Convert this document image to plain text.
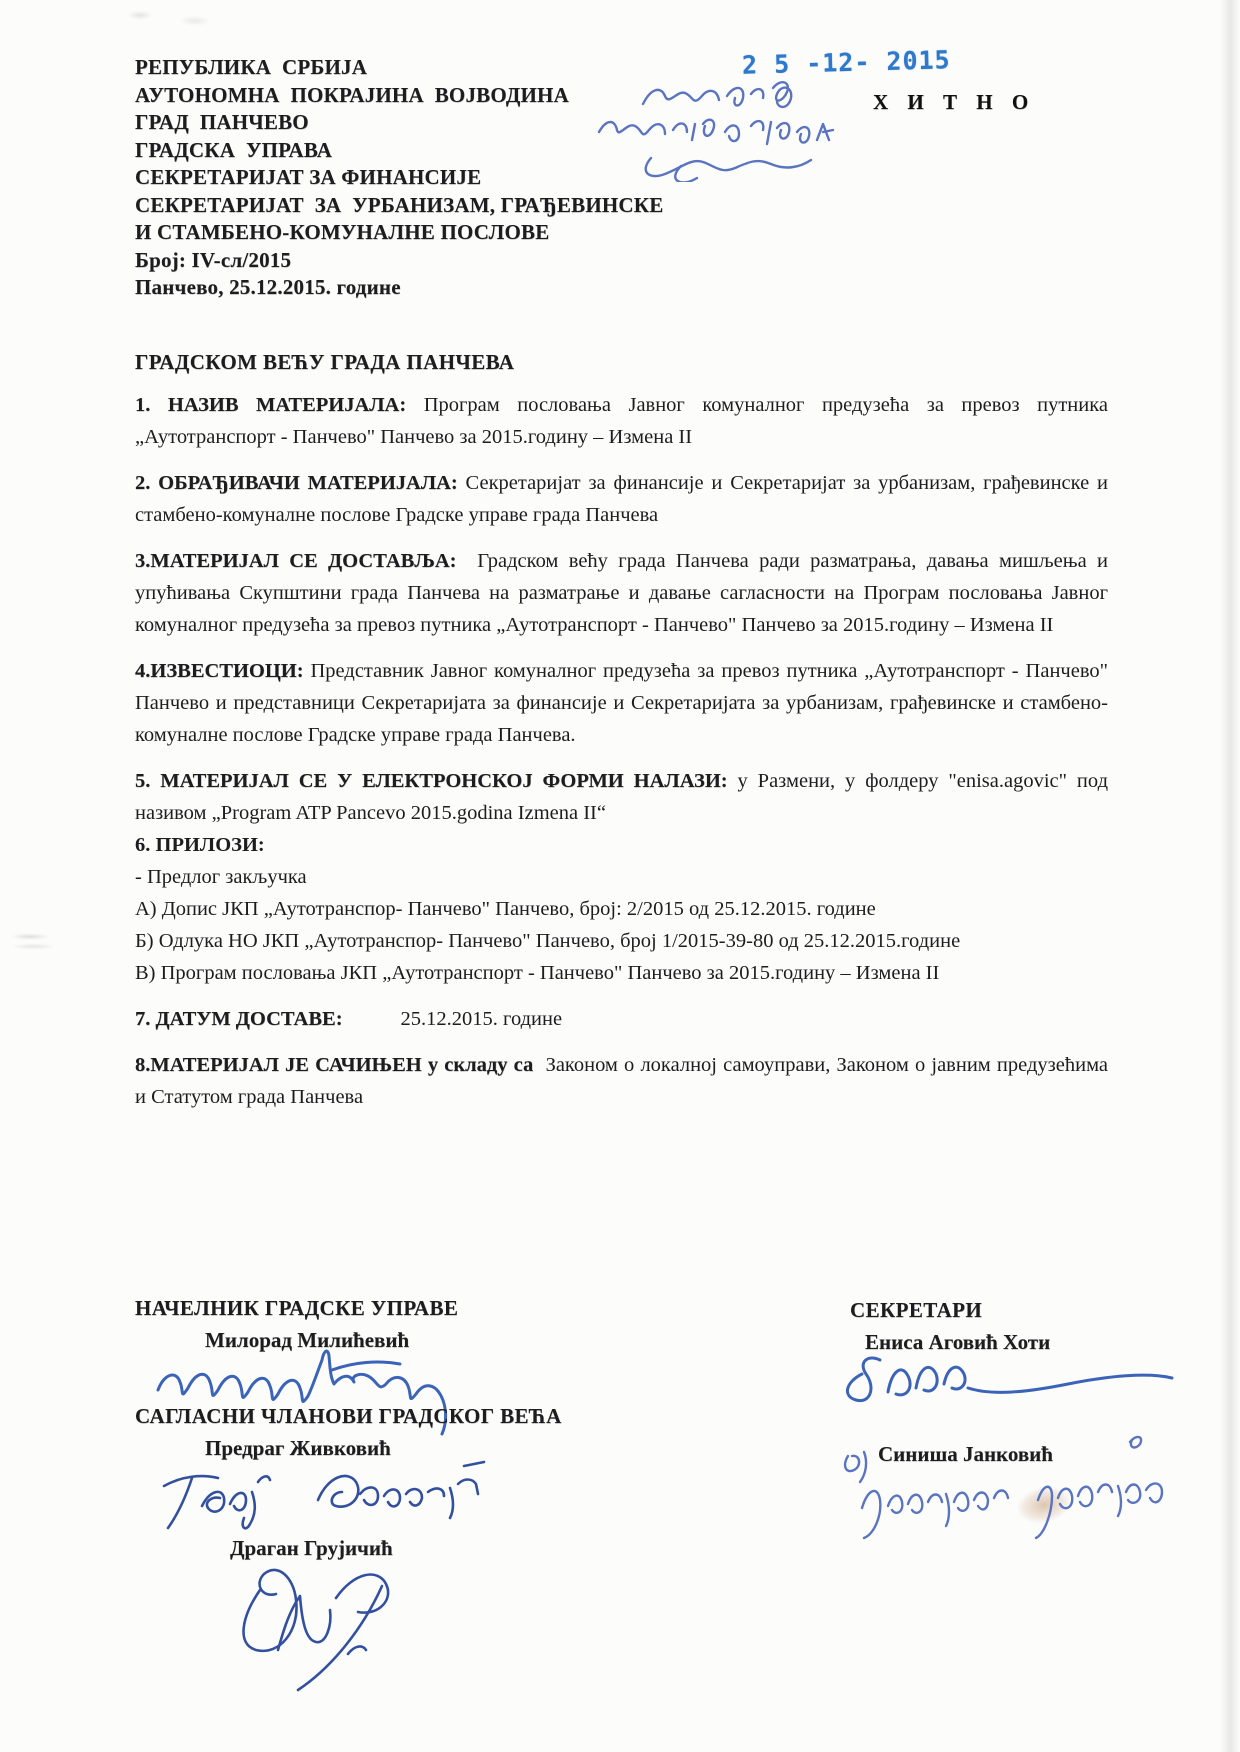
2 5 -12- 2015
Х И Т Н О
РЕПУБЛИКА  СРБИЈА
АУТОНОМНА  ПОКРАЈИНА  ВОЈВОДИНА
ГРАД  ПАНЧЕВО
ГРАДСКА  УПРАВА
СЕКРЕТАРИЈАТ ЗА ФИНАНСИЈЕ
СЕКРЕТАРИЈАТ  ЗА  УРБАНИЗАМ, ГРАЂЕВИНСКЕ
И СТАМБЕНО-КОМУНАЛНЕ ПОСЛОВЕ
Број: IV-сл/2015
Панчево, 25.12.2015. године
ГРАДСКОМ ВЕЋУ ГРАДА ПАНЧЕВА

1. НАЗИВ МАТЕРИЈАЛА: Програм пословања Јавног комуналног предузећа за превоз путника „Аутотранспорт - Панчево" Панчево за 2015.годину – Измена II

2. ОБРАЂИВАЧИ МАТЕРИЈАЛА: Секретаријат за финансије и Секретаријат за урбанизам, грађевинске и стамбено-комуналне послове Градске управе града Панчева

3.МАТЕРИЈАЛ СЕ ДОСТАВЉА: Градском већу града Панчева ради разматрања, давања мишљења и упућивања Скупштини града Панчева на разматрање и давање сагласности на Програм пословања Јавног комуналног предузећа за превоз путника „Аутотранспорт - Панчево" Панчево за 2015.годину – Измена II

4.ИЗВЕСТИОЦИ: Представник Јавног комуналног предузећа за превоз путника „Аутотранспорт - Панчево" Панчево и представници Секретаријата за финансије и Секретаријата за урбанизам, грађевинске и стамбено-комуналне послове Градске управе града Панчева.

5. МАТЕРИЈАЛ СЕ У ЕЛЕКТРОНСКОЈ ФОРМИ НАЛАЗИ: у Размени, у фолдеру "enisa.agovic" под називом „Program ATP Pancevo 2015.godina Izmena II“

6. ПРИЛОЗИ:

- Предлог закључка

А) Допис ЈКП „Аутотранспор- Панчево" Панчево, број: 2/2015 од 25.12.2015. године

Б) Одлука НО ЈКП „Аутотранспор- Панчево" Панчево, број 1/2015-39-80 од 25.12.2015.године

В) Програм пословања ЈКП „Аутотранспорт - Панчево" Панчево за 2015.годину – Измена II

7. ДАТУМ ДОСТАВЕ:	25.12.2015. године

8.МАТЕРИЈАЛ ЈЕ САЧИЊЕН у складу са Законом о локалној самоуправи, Законом о јавним предузећима и Статутом града Панчева

НАЧЕЛНИК ГРАДСКЕ УПРАВЕ
Милорад Милићевић
САГЛАСНИ ЧЛАНОВИ ГРАДСКОГ ВЕЋА
Предраг Живковић
Драган Грујичић
СЕКРЕТАРИ
Ениса Аговић Хоти
Синиша Јанковић
